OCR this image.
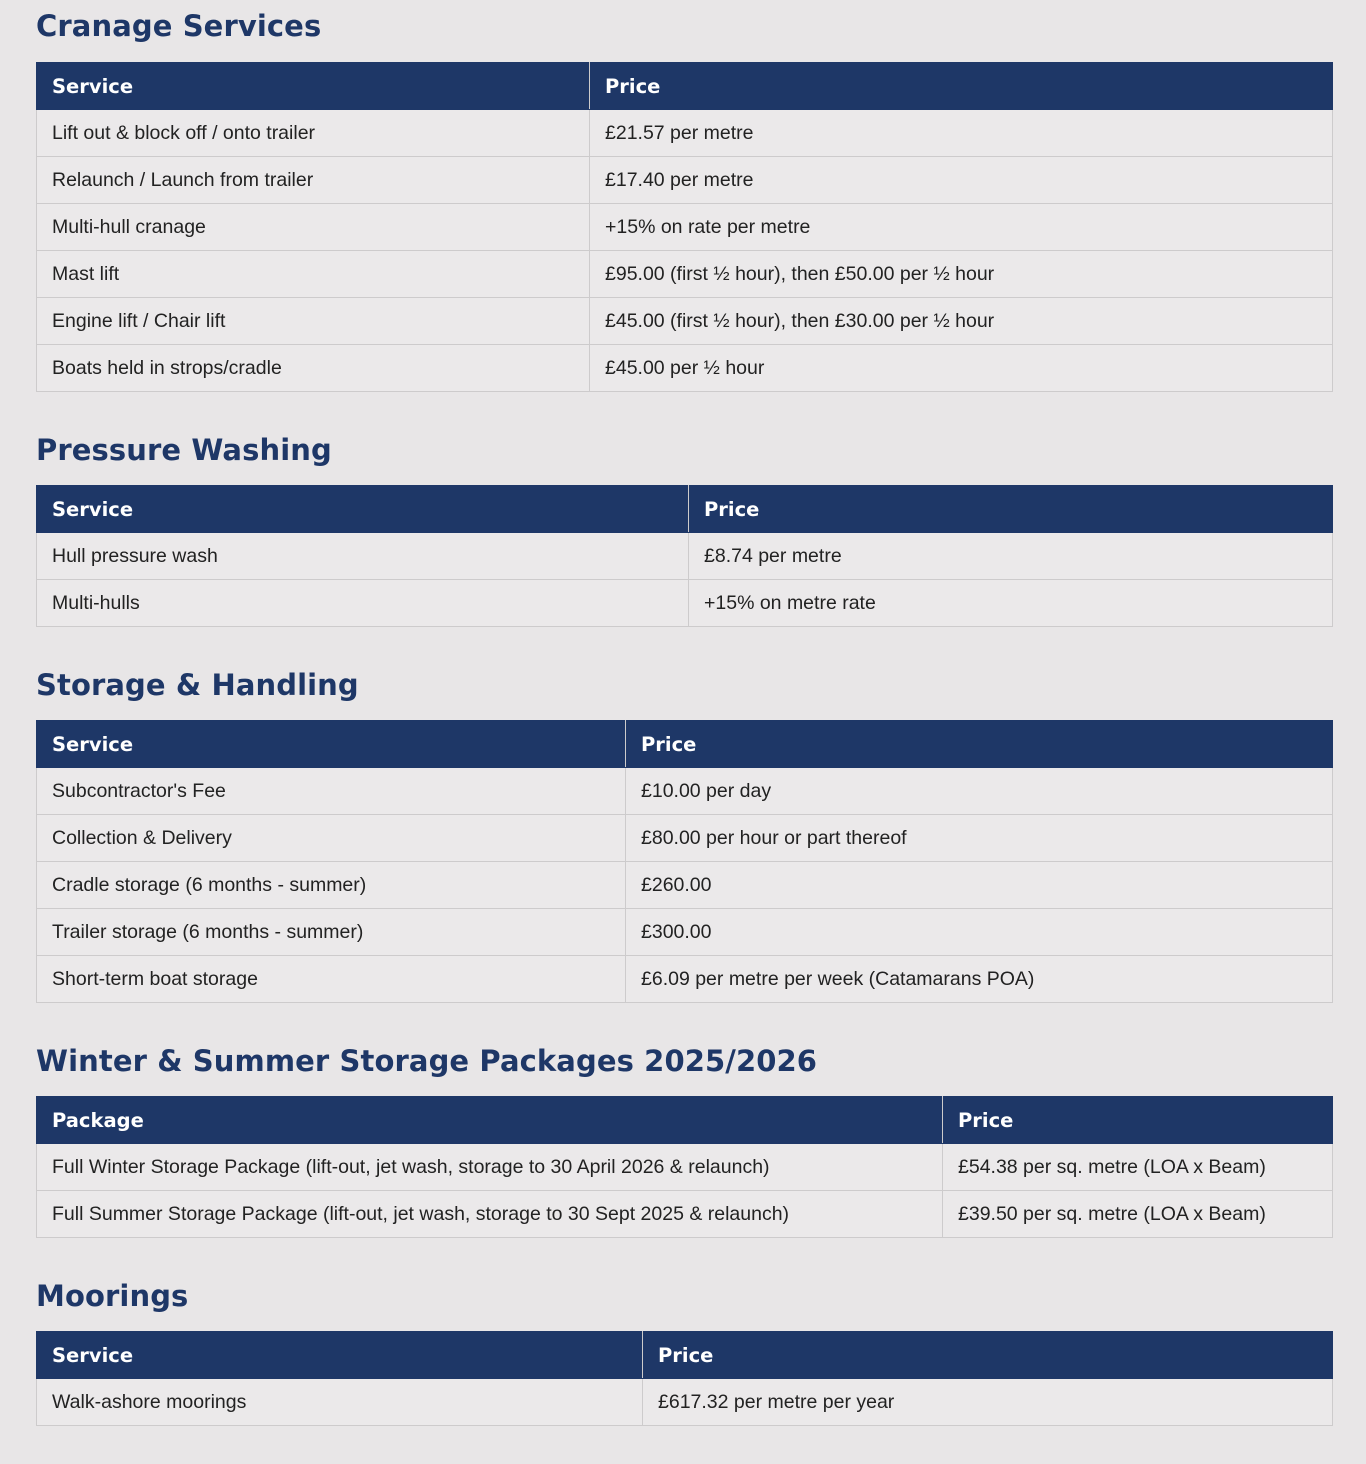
Cranage Services
Service	Price
Lift out & block off / onto trailer	£21.57 per metre
Relaunch / Launch from trailer	£17.40 per metre
Multi-hull cranage	+15% on rate per metre
Mast lift	£95.00 (first ½ hour), then £50.00 per ½ hour
Engine lift / Chair lift	£45.00 (first ½ hour), then £30.00 per ½ hour
Boats held in strops/cradle	£45.00 per ½ hour
Pressure Washing
Service	Price
Hull pressure wash	£8.74 per metre
Multi-hulls	+15% on metre rate
Storage & Handling
Service	Price
Subcontractor's Fee	£10.00 per day
Collection & Delivery	£80.00 per hour or part thereof
Cradle storage (6 months - summer)	£260.00
Trailer storage (6 months - summer)	£300.00
Short-term boat storage	£6.09 per metre per week (Catamarans POA)
Winter & Summer Storage Packages 2025/2026
Package	Price
Full Winter Storage Package (lift-out, jet wash, storage to 30 April 2026 & relaunch)	£54.38 per sq. metre (LOA x Beam)
Full Summer Storage Package (lift-out, jet wash, storage to 30 Sept 2025 & relaunch)	£39.50 per sq. metre (LOA x Beam)
Moorings
Service	Price
Walk-ashore moorings	£617.32 per metre per year
